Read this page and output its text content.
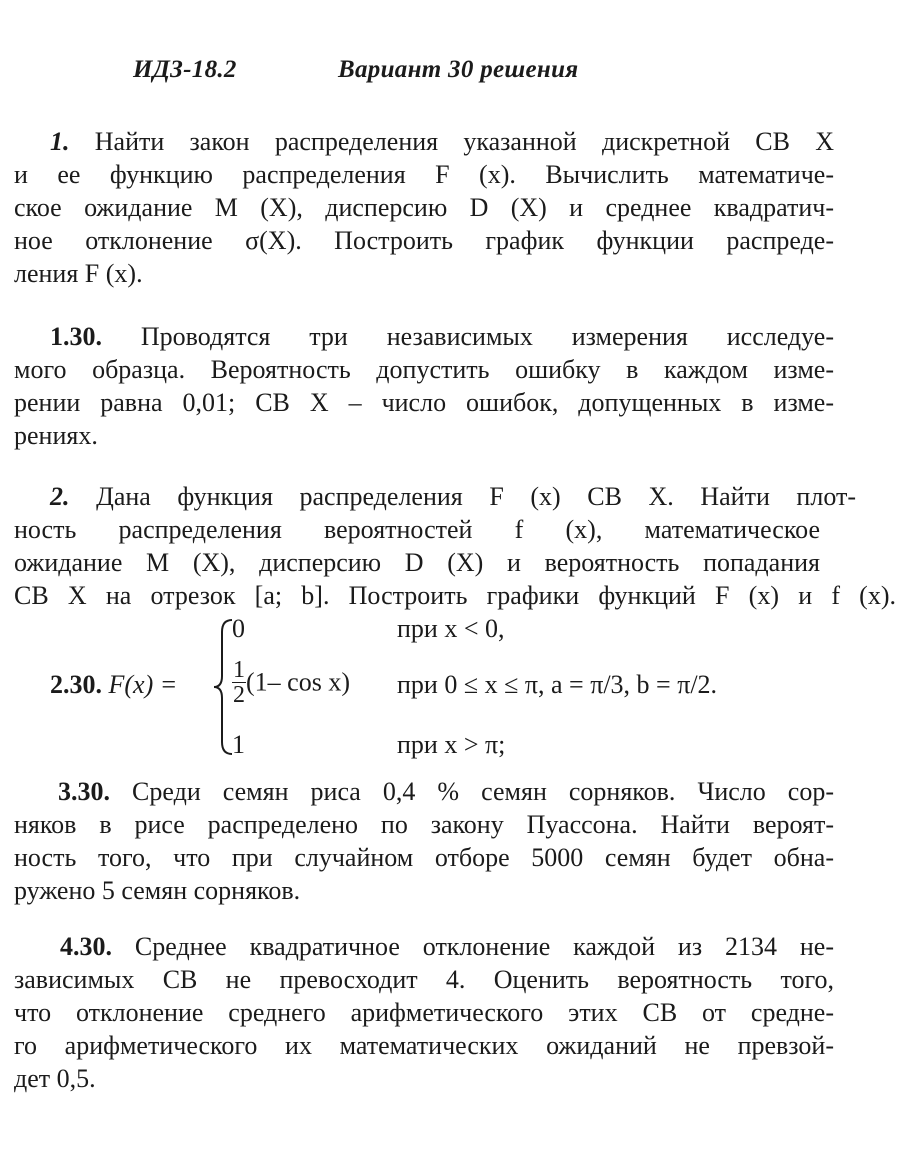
ИДЗ-18.2	Вариант 30 решения
1. Найти закон распределения указанной дискретной СВ X
и ее функцию распределения F (x). Вычислить математиче-
ское ожидание M (X), дисперсию D (X) и среднее квадратич-
ное отклонение σ(X). Построить график функции распреде-
ления F (x).
1.30. Проводятся три независимых измерения исследуе-
мого образца. Вероятность допустить ошибку в каждом изме-
рении равна 0,01; СВ X – число ошибок, допущенных в изме-
рениях.
2. Дана функция распределения F (x) СВ X. Найти плот-
ность распределения вероятностей f (x), математическое
ожидание M (X), дисперсию D (X) и вероятность попадания
СВ X на отрезок [a; b]. Построить графики функций F (x) и f (x).
2.30. F(x) =
0
$\frac{1}{2} (1-$ cos x)
1
при x < 0,
при 0 ≤ x ≤ π, a = π/3, b = π/2.
при x > π;
3.30. Среди семян риса 0,4 % семян сорняков. Число сор-
няков в рисе распределено по закону Пуассона. Найти вероят-
ность того, что при случайном отборе 5000 семян будет обна-
ружено 5 семян сорняков.
4.30. Среднее квадратичное отклонение каждой из 2134 не-
зависимых СВ не превосходит 4. Оценить вероятность того,
что отклонение среднего арифметического этих СВ от средне-
го арифметического их математических ожиданий не превзой-
дет 0,5.
